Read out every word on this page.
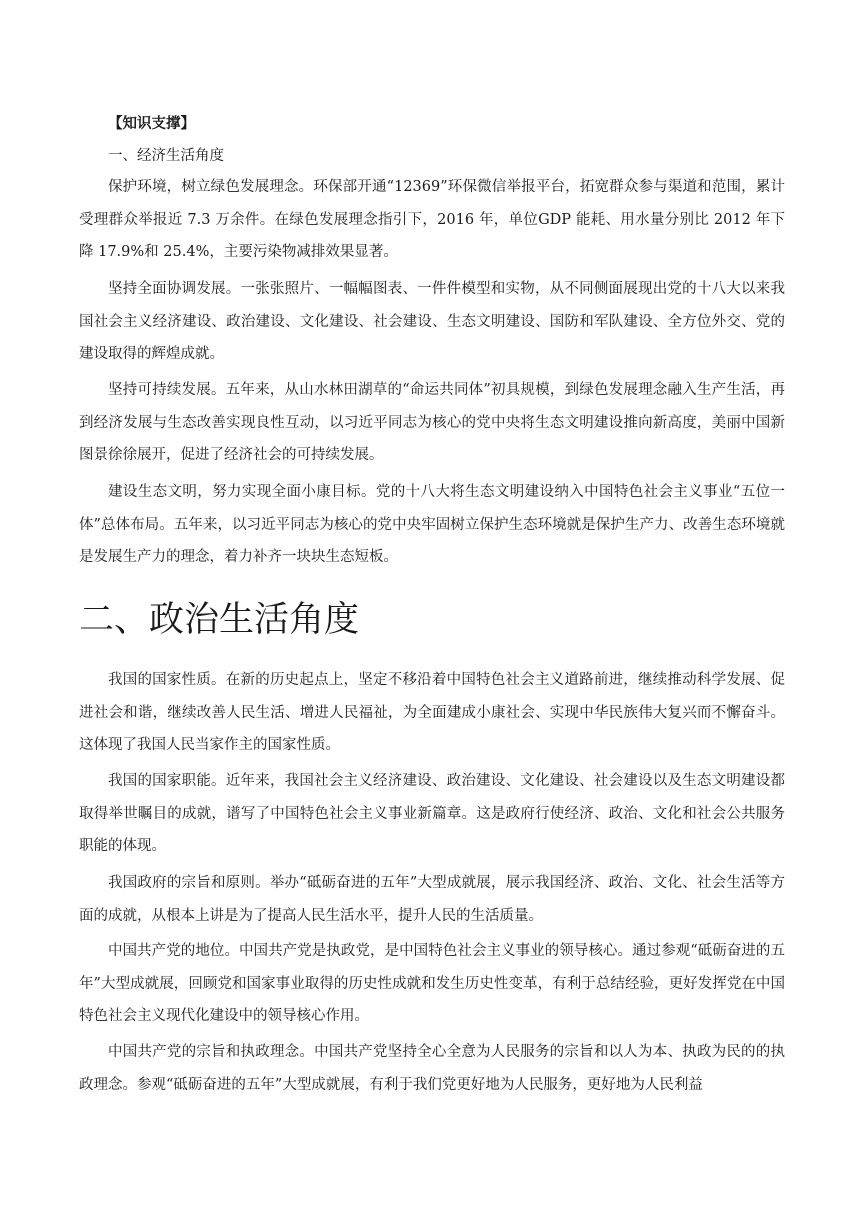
【知识支撑】
一、经济生活角度

保护环境，树立绿色发展理念。环保部开通“12369”环保微信举报平台，拓宽群众参与渠道和范围，累计受理群众举报近 7.3 万余件。在绿色发展理念指引下，2016 年，单位GDP 能耗、用水量分别比 2012 年下降 17.9%和 25.4%，主要污染物减排效果显著。

坚持全面协调发展。一张张照片、一幅幅图表、一件件模型和实物，从不同侧面展现出党的十八大以来我国社会主义经济建设、政治建设、文化建设、社会建设、生态文明建设、国防和军队建设、全方位外交、党的建设取得的辉煌成就。

坚持可持续发展。五年来，从山水林田湖草的“命运共同体”初具规模，到绿色发展理念融入生产生活，再到经济发展与生态改善实现良性互动，以习近平同志为核心的党中央将生态文明建设推向新高度，美丽中国新图景徐徐展开，促进了经济社会的可持续发展。

建设生态文明，努力实现全面小康目标。党的十八大将生态文明建设纳入中国特色社会主义事业“五位一体”总体布局。五年来，以习近平同志为核心的党中央牢固树立保护生态环境就是保护生产力、改善生态环境就是发展生产力的理念，着力补齐一块块生态短板。

二、政治生活角度

我国的国家性质。在新的历史起点上，坚定不移沿着中国特色社会主义道路前进，继续推动科学发展、促进社会和谐，继续改善人民生活、增进人民福祉，为全面建成小康社会、实现中华民族伟大复兴而不懈奋斗。这体现了我国人民当家作主的国家性质。

我国的国家职能。近年来，我国社会主义经济建设、政治建设、文化建设、社会建设以及生态文明建设都取得举世瞩目的成就，谱写了中国特色社会主义事业新篇章。这是政府行使经济、政治、文化和社会公共服务职能的体现。

我国政府的宗旨和原则。举办“砥砺奋进的五年”大型成就展，展示我国经济、政治、文化、社会生活等方面的成就，从根本上讲是为了提高人民生活水平，提升人民的生活质量。

中国共产党的地位。中国共产党是执政党，是中国特色社会主义事业的领导核心。通过参观“砥砺奋进的五年”大型成就展，回顾党和国家事业取得的历史性成就和发生历史性变革，有利于总结经验，更好发挥党在中国特色社会主义现代化建设中的领导核心作用。

中国共产党的宗旨和执政理念。中国共产党坚持全心全意为人民服务的宗旨和以人为本、执政为民的的执政理念。参观“砥砺奋进的五年”大型成就展，有利于我们党更好地为人民服务，更好地为人民利益
